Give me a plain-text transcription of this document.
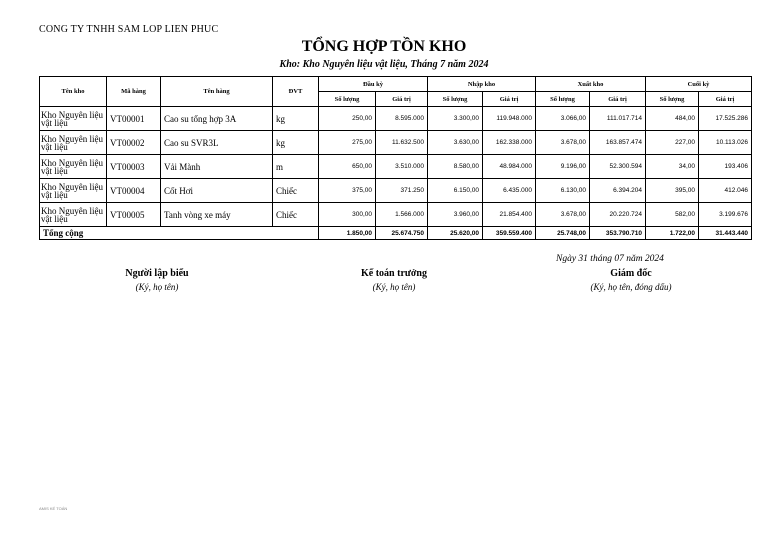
CONG TY TNHH SAM LOP LIEN PHUC
TỔNG HỢP TỒN KHO
Kho: Kho Nguyên liệu vật liệu, Tháng 7 năm 2024
Tên kho	Mã hàng	Tên hàng	ĐVT	Đầu kỳ		Nhập kho		Xuất kho		Cuối kỳ	
				Số lượng	Giá trị	Số lượng	Giá trị	Số lượng	Giá trị	Số lượng	Giá trị
Kho Nguyên liệu vật liệu	VT00001	Cao su tổng hợp 3A	kg	250,00	8.595.000	3.300,00	119.948.000	3.066,00	111.017.714	484,00	17.525.286
Kho Nguyên liệu vật liệu	VT00002	Cao su SVR3L	kg	275,00	11.632.500	3.630,00	162.338.000	3.678,00	163.857.474	227,00	10.113.026
Kho Nguyên liệu vật liệu	VT00003	Vải Mành	m	650,00	3.510.000	8.580,00	48.984.000	9.196,00	52.300.594	34,00	193.406
Kho Nguyên liệu vật liệu	VT00004	Cốt Hơi	Chiếc	375,00	371.250	6.150,00	6.435.000	6.130,00	6.394.204	395,00	412.046
Kho Nguyên liệu vật liệu	VT00005	Tanh vòng xe máy	Chiếc	300,00	1.566.000	3.960,00	21.854.400	3.678,00	20.220.724	582,00	3.199.676
Tổng cộng				1.850,00	25.674.750	25.620,00	359.559.400	25.748,00	353.790.710	1.722,00	31.443.440
Ngày 31 tháng 07 năm 2024
Người lập biểu
(Ký, họ tên)
Kế toán trưởng
(Ký, họ tên)
Giám đốc
(Ký, họ tên, đóng dấu)
AMIS KẾ TOÁN
